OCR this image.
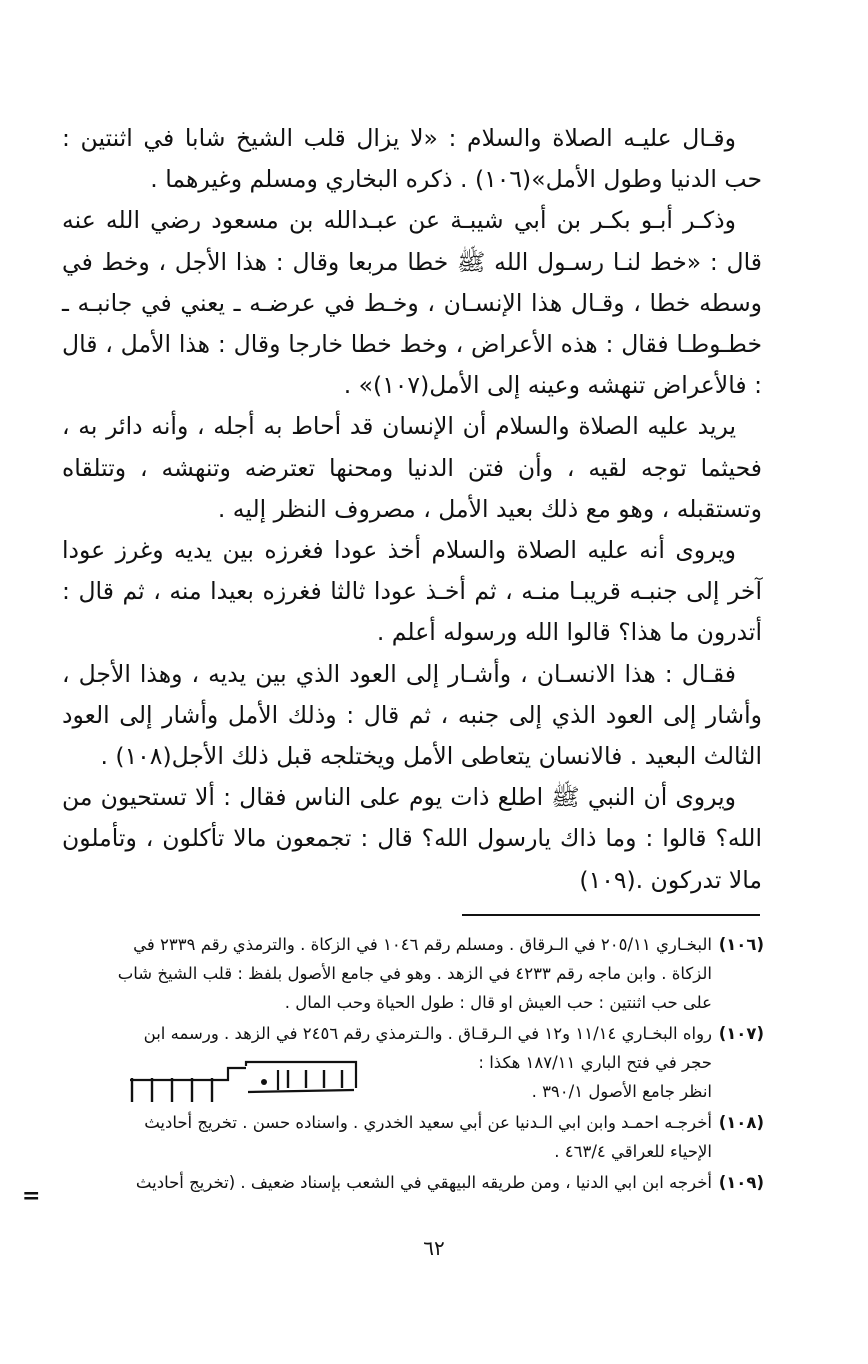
وقـال عليـه الصلاة والسلام : «لا يزال قلب الشيخ شابا في اثنتين : حب الدنيا وطول الأمل»(١٠٦) . ذكره البخاري ومسلم وغيرهما .

وذكـر أبـو بكـر بن أبي شيبـة عن عبـدالله بن مسعود رضي الله عنه قال : «خط لنـا رسـول الله ﷺ خطا مربعا وقال : هذا الأجل ، وخط في وسطه خطا ، وقـال هذا الإنسـان ، وخـط في عرضـه ـ يعني في جانبـه ـ خطـوطـا فقال : هذه الأعراض ، وخط خطا خارجا وقال : هذا الأمل ، قال : فالأعراض تنهشه وعينه إلى الأمل(١٠٧)» .

يريد عليه الصلاة والسلام أن الإنسان قد أحاط به أجله ، وأنه دائر به ، فحيثما توجه لقيه ، وأن فتن الدنيا ومحنها تعترضه وتنهشه ، وتتلقاه وتستقبله ، وهو مع ذلك بعيد الأمل ، مصروف النظر إليه .

ويروى أنه عليه الصلاة والسلام أخذ عودا فغرزه بين يديه وغرز عودا آخر إلى جنبـه قريبـا منـه ، ثم أخـذ عودا ثالثا فغرزه بعيدا منه ، ثم قال : أتدرون ما هذا؟ قالوا الله ورسوله أعلم .

فقـال : هذا الانسـان ، وأشـار إلى العود الذي بين يديه ، وهذا الأجل ، وأشار إلى العود الذي إلى جنبه ، ثم قال : وذلك الأمل وأشار إلى العود الثالث البعيد . فالانسان يتعاطى الأمل ويختلجه قبل ذلك الأجل(١٠٨) .

ويروى أن النبي ﷺ اطلع ذات يوم على الناس فقال : ألا تستحيون من الله؟ قالوا : وما ذاك يارسول الله؟ قال : تجمعون مالا تأكلون ، وتأملون مالا تدركون .(١٠٩)

(١٠٦)
البخـاري ٢٠٥/١١ في الـرقاق . ومسلم رقم ١٠٤٦ في الزكاة . والترمذي رقم ٢٣٣٩ في
الزكاة . وابن ماجه رقم ٤٢٣٣ في الزهد . وهو في جامع الأصول بلفظ : قلب الشيخ شاب
على حب اثنتين : حب العيش او قال : طول الحياة وحب المال .
(١٠٧)
رواه البخـاري ١١/١٤ و١٢ في الـرقـاق . والـترمذي رقم ٢٤٥٦ في الزهد . ورسمه ابن
حجر في فتح الباري ١٨٧/١١ هكذا :
انظر جامع الأصول ٣٩٠/١ .
(١٠٨)
أخرجـه احمـد وابن ابي الـدنيا عن أبي سعيد الخدري . واسناده حسن . تخريج أحاديث
الإحياء للعراقي ٤٦٣/٤ .
(١٠٩)
أخرجه ابن ابي الدنيا ، ومن طريقه البيهقي في الشعب بإسناد ضعيف . (تخريج أحاديث
=
٦٢
